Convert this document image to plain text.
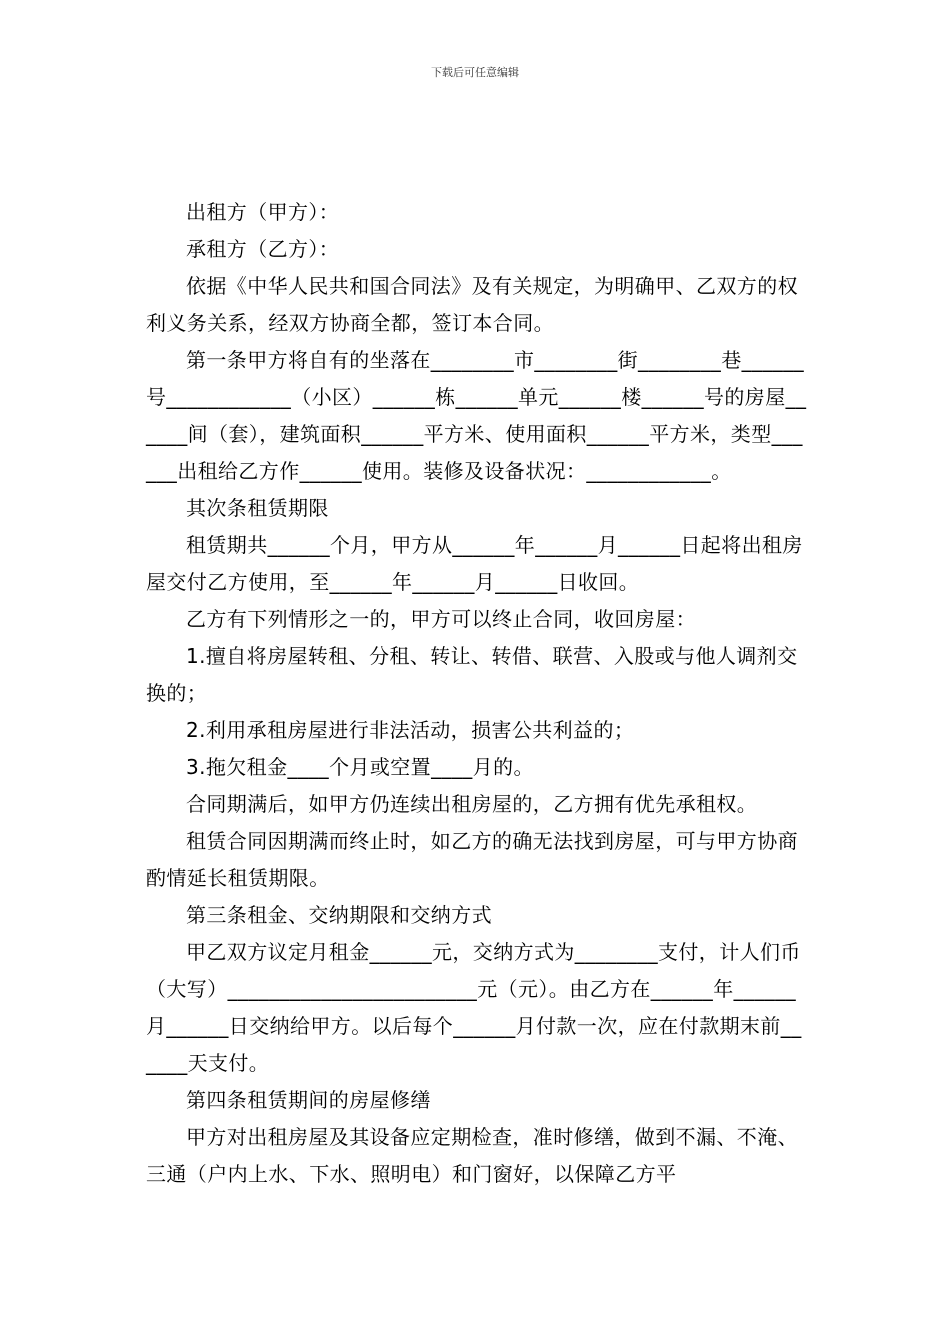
下载后可任意编辑

出租方（甲方）：

承租方（乙方）：

依据《中华人民共和国合同法》及有关规定，为明确甲、乙双方的权利义务关系，经双方协商全都，签订本合同。

第一条甲方将自有的坐落在________市________街________巷______号____________（小区）______栋______单元______楼______号的房屋______间（套），建筑面积______平方米、使用面积______平方米，类型______出租给乙方作______使用。装修及设备状况：____________。

其次条租赁期限

租赁期共______个月，甲方从______年______月______日起将出租房屋交付乙方使用，至______年______月______日收回。

乙方有下列情形之一的，甲方可以终止合同，收回房屋：

1.擅自将房屋转租、分租、转让、转借、联营、入股或与他人调剂交换的；

2.利用承租房屋进行非法活动，损害公共利益的；

3.拖欠租金____个月或空置____月的。

合同期满后，如甲方仍连续出租房屋的，乙方拥有优先承租权。

租赁合同因期满而终止时，如乙方的确无法找到房屋，可与甲方协商酌情延长租赁期限。

第三条租金、交纳期限和交纳方式

甲乙双方议定月租金______元，交纳方式为________支付，计人们币（大写）________________________元（元）。由乙方在______年______月______日交纳给甲方。以后每个______月付款一次，应在付款期末前______天支付。

第四条租赁期间的房屋修缮

甲方对出租房屋及其设备应定期检查，准时修缮，做到不漏、不淹、三通（户内上水、下水、照明电）和门窗好，以保障乙方平
